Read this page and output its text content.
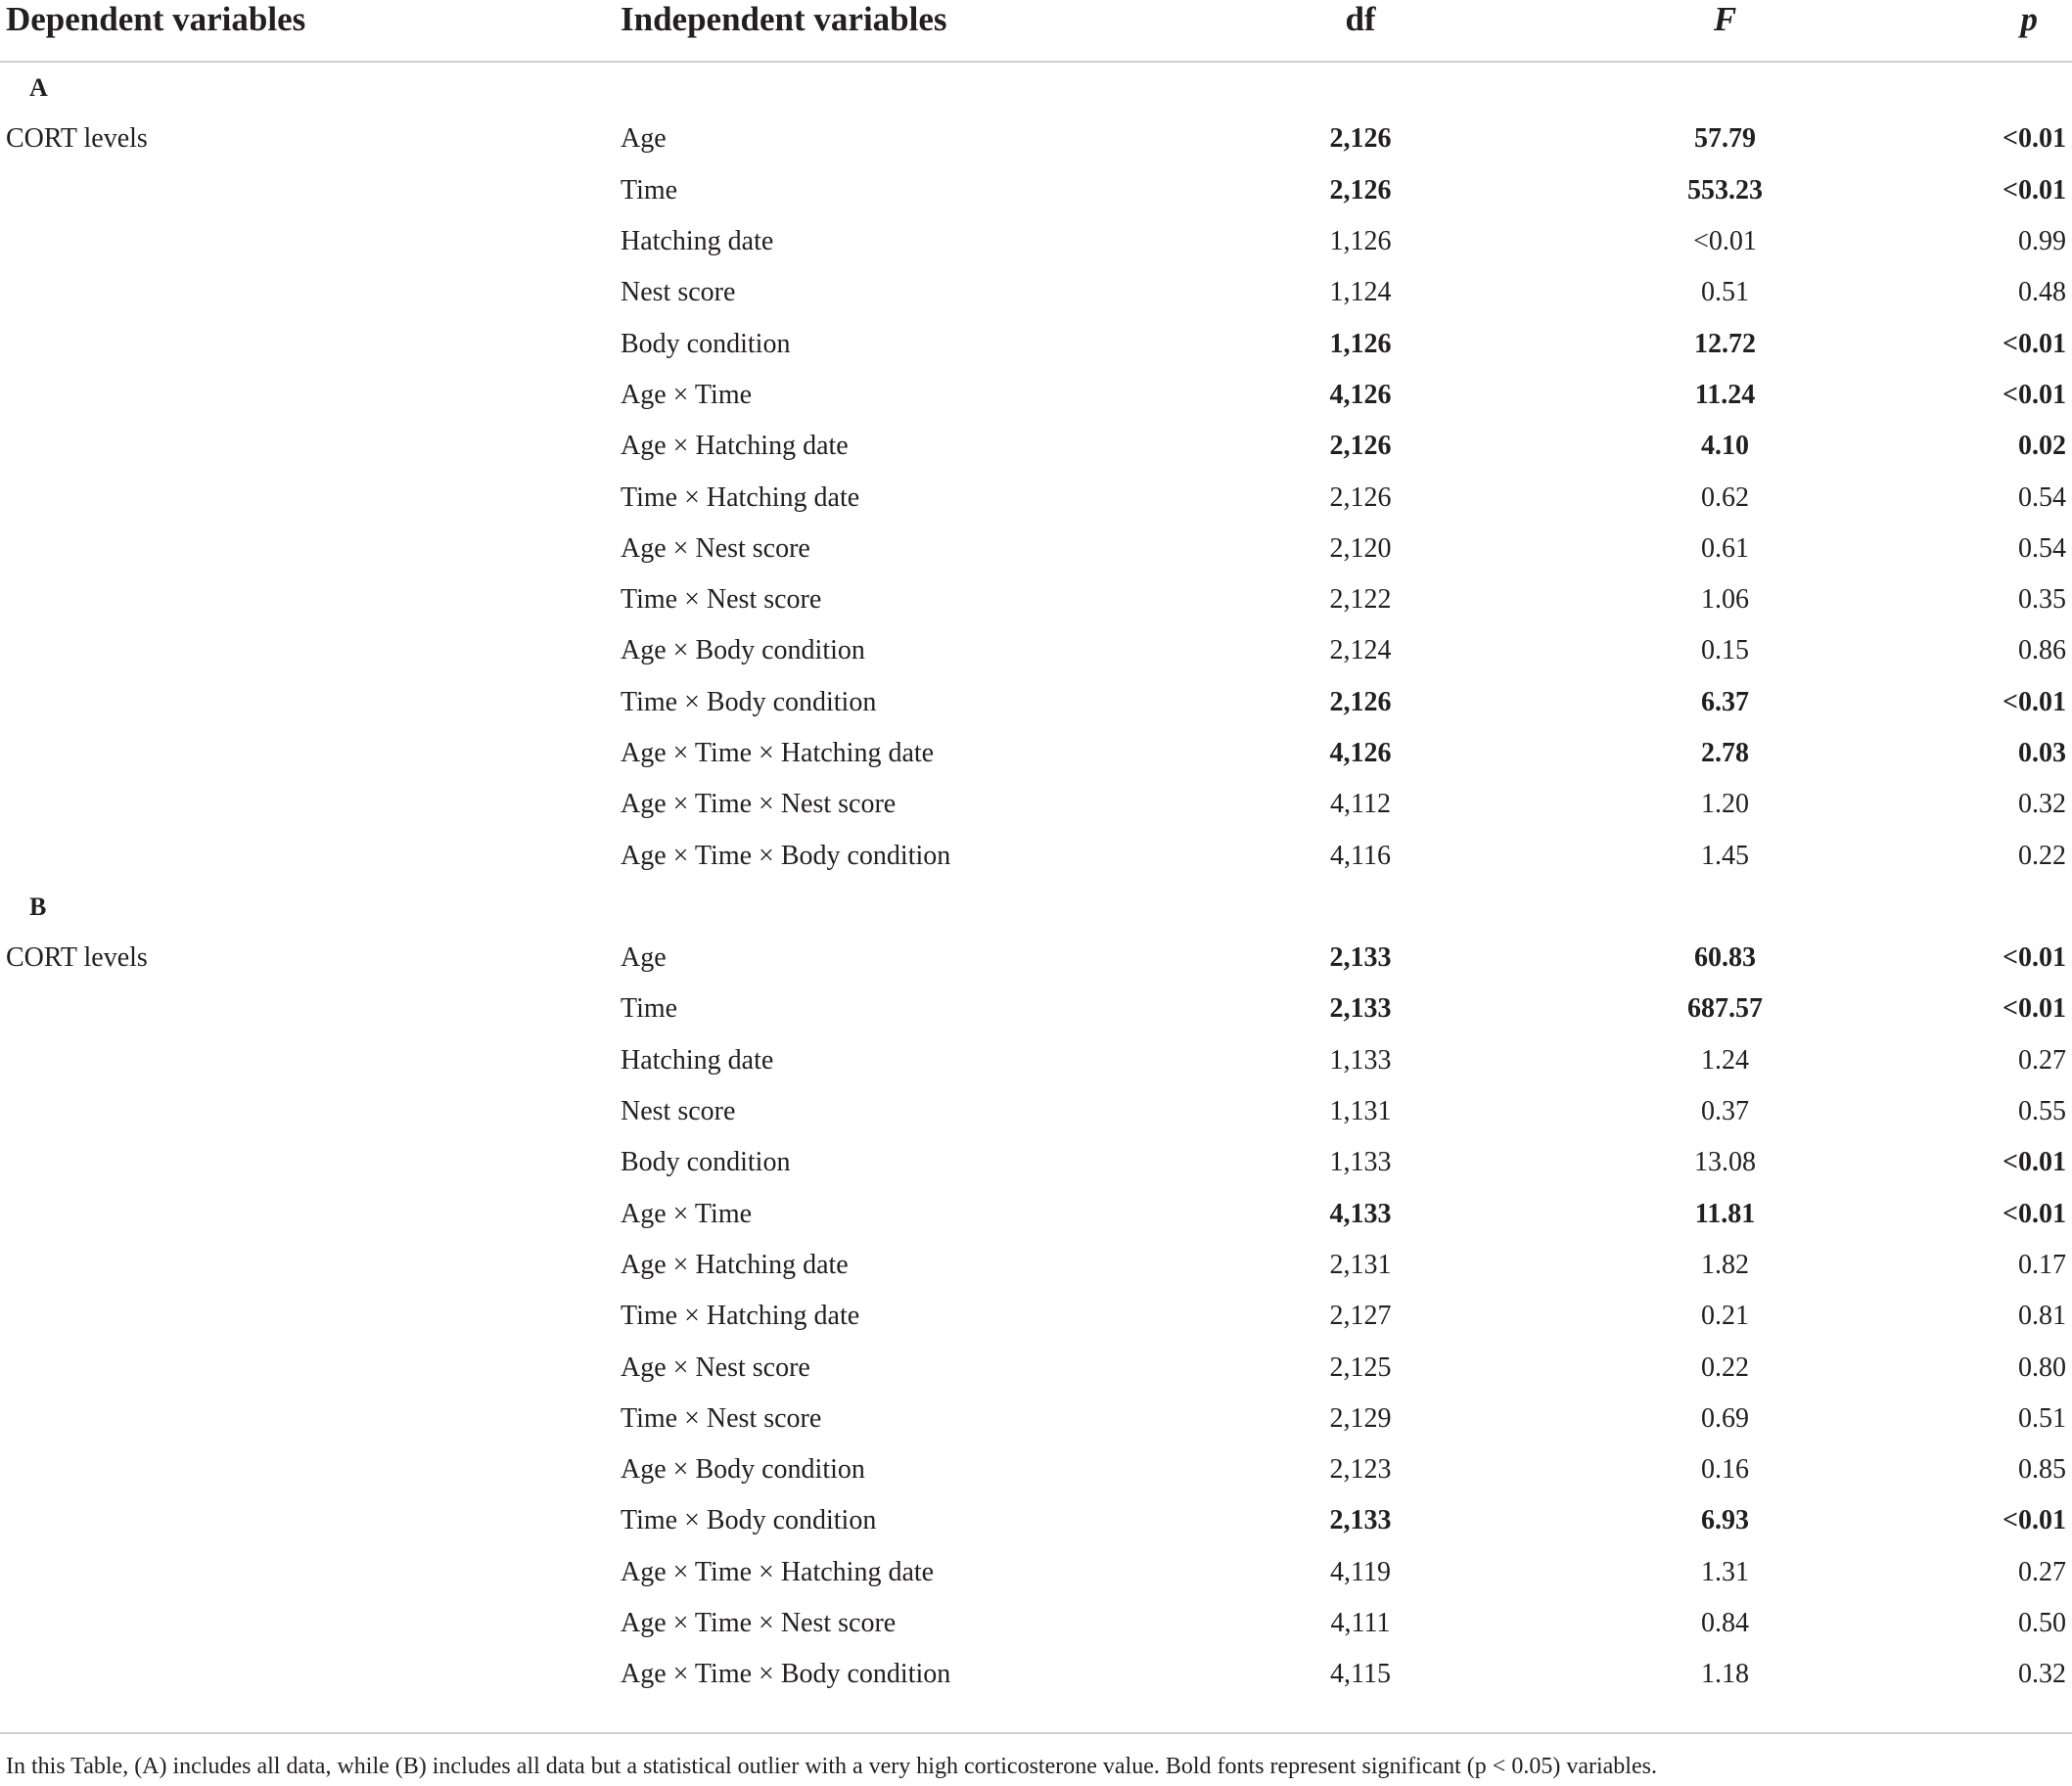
Dependent variables	Independent variables	df	F	p
A				
CORT levels	Age	2,126	57.79	<0.01
	Time	2,126	553.23	<0.01
	Hatching date	1,126	<0.01	0.99
	Nest score	1,124	0.51	0.48
	Body condition	1,126	12.72	<0.01
	Age × Time	4,126	11.24	<0.01
	Age × Hatching date	2,126	4.10	0.02
	Time × Hatching date	2,126	0.62	0.54
	Age × Nest score	2,120	0.61	0.54
	Time × Nest score	2,122	1.06	0.35
	Age × Body condition	2,124	0.15	0.86
	Time × Body condition	2,126	6.37	<0.01
	Age × Time × Hatching date	4,126	2.78	0.03
	Age × Time × Nest score	4,112	1.20	0.32
	Age × Time × Body condition	4,116	1.45	0.22
B				
CORT levels	Age	2,133	60.83	<0.01
	Time	2,133	687.57	<0.01
	Hatching date	1,133	1.24	0.27
	Nest score	1,131	0.37	0.55
	Body condition	1,133	13.08	<0.01
	Age × Time	4,133	11.81	<0.01
	Age × Hatching date	2,131	1.82	0.17
	Time × Hatching date	2,127	0.21	0.81
	Age × Nest score	2,125	0.22	0.80
	Time × Nest score	2,129	0.69	0.51
	Age × Body condition	2,123	0.16	0.85
	Time × Body condition	2,133	6.93	<0.01
	Age × Time × Hatching date	4,119	1.31	0.27
	Age × Time × Nest score	4,111	0.84	0.50
	Age × Time × Body condition	4,115	1.18	0.32
In this Table, (A) includes all data, while (B) includes all data but a statistical outlier with a very high corticosterone value. Bold fonts represent significant (p < 0.05) variables.
